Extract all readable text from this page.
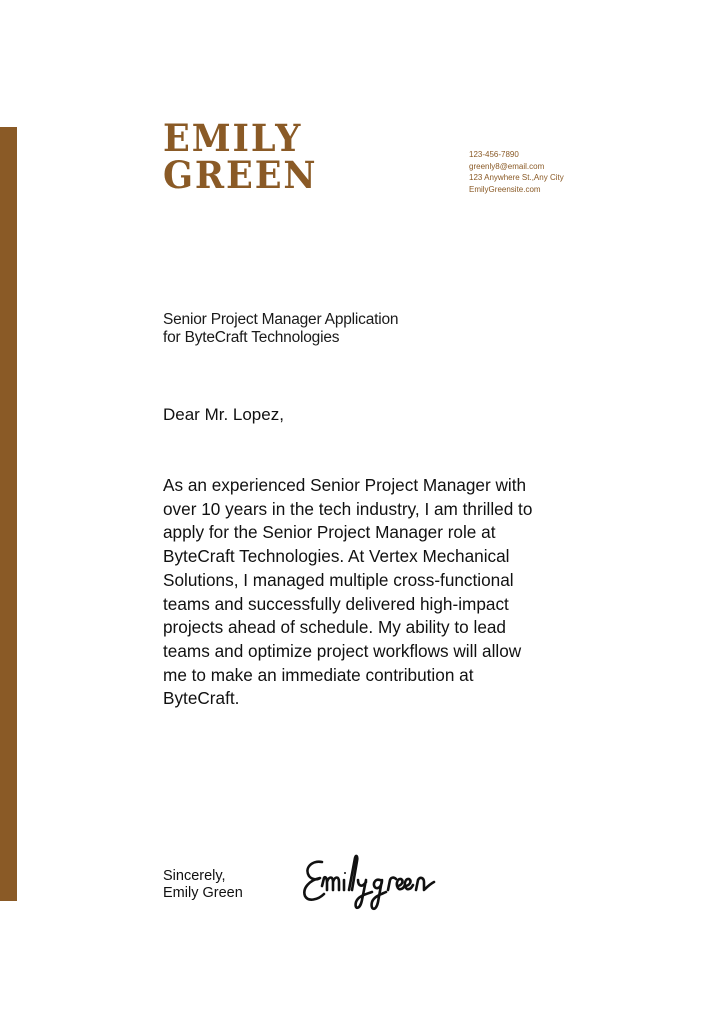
EMILY
GREEN	123-456-7890
greenly8@email.com
123 Anywhere St.,Any City
EmilyGreensite.com
Senior Project Manager Application
for ByteCraft Technologies
Dear Mr. Lopez,

As an experienced Senior Project Manager with over 10 years in the tech industry, I am thrilled to apply for the Senior Project Manager role at ByteCraft Technologies. At Vertex Mechanical Solutions, I managed multiple cross-functional teams and successfully delivered high-impact projects ahead of schedule. My ability to lead teams and optimize project workflows will allow me to make an immediate contribution at ByteCraft.

Sincerely,
Emily Green
